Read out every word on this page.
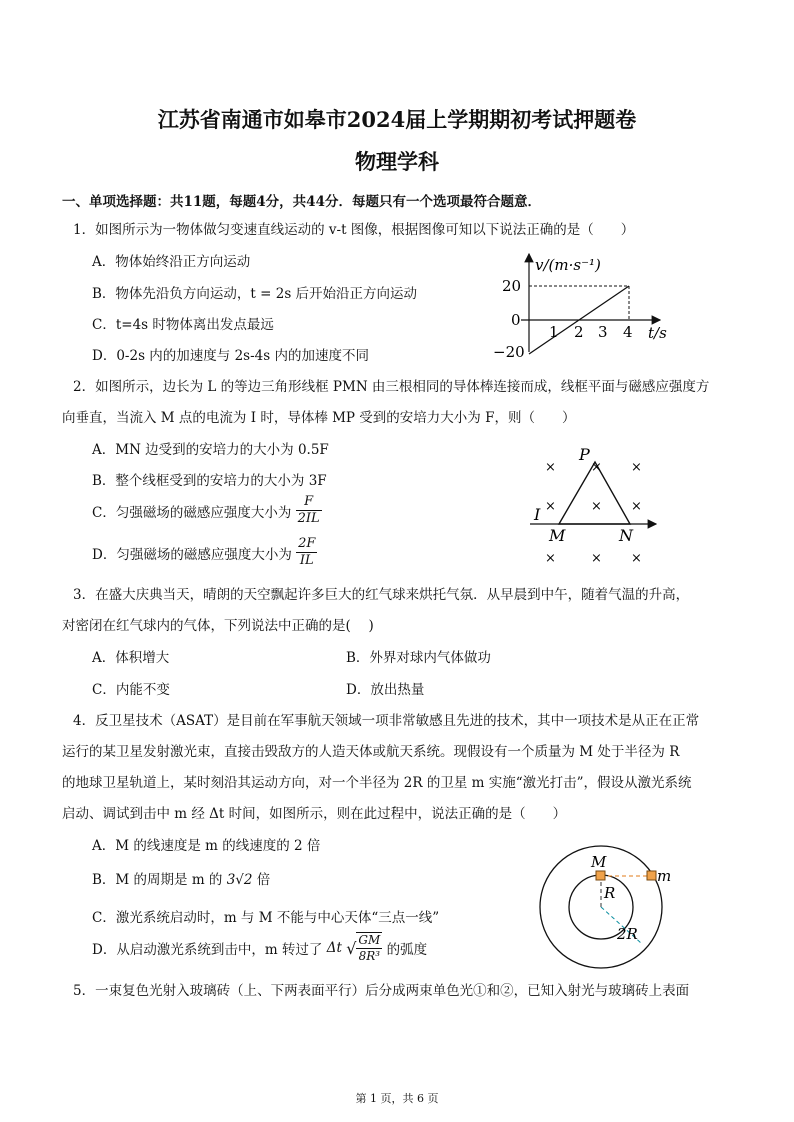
江苏省南通市如皋市2024届上学期期初考试押题卷
物理学科
一、单项选择题：共11题，每题4分，共44分．每题只有一个选项最符合题意．
1．如图所示为一物体做匀变速直线运动的 v-t 图像，根据图像可知以下说法正确的是（　　）
A．物体始终沿正方向运动
B．物体先沿负方向运动，t = 2s 后开始沿正方向运动
C．t=4s 时物体离出发点最远
D．0-2s 内的加速度与 2s-4s 内的加速度不同
v/(m·s⁻¹)
20
0
−20
1 2 3 4 t/s
2．如图所示，边长为 L 的等边三角形线框 PMN 由三根相同的导体棒连接而成，线框平面与磁感应强度方
向垂直，当流入 M 点的电流为 I 时，导体棒 MP 受到的安培力大小为 F，则（　　）
A．MN 边受到的安培力的大小为 0.5F
B．整个线框受到的安培力的大小为 3F
C．匀强磁场的磁感应强度大小为 $\frac{F}{2IL}$
D．匀强磁场的磁感应强度大小为 $\frac{2F}{IL}$
P
M	N
I
×	× ×
×	× ×
×	× ×
3．在盛大庆典当天，晴朗的天空飘起许多巨大的红气球来烘托气氛．从早晨到中午，随着气温的升高，
对密闭在红气球内的气体，下列说法中正确的是(　 )
A．体积增大	B．外界对球内气体做功
C．内能不变	D．放出热量
4．反卫星技术（ASAT）是目前在军事航天领域一项非常敏感且先进的技术，其中一项技术是从正在正常
运行的某卫星发射激光束，直接击毁敌方的人造天体或航天系统。现假设有一个质量为 M 处于半径为 R
的地球卫星轨道上，某时刻沿其运动方向，对一个半径为 2R 的卫星 m 实施“激光打击”，假设从激光系统
启动、调试到击中 m 经 Δt 时间，如图所示，则在此过程中，说法正确的是（　　）
A．M 的线速度是 m 的线速度的 2 倍
B．M 的周期是 m 的 3√2 倍
C．激光系统启动时，m 与 M 不能与中心天体“三点一线”
D．从启动激光系统到击中，m 转过了 Δt √ $\frac{GM}{\text{8R³}}$ 的弧度
M
m
R
2R
5．一束复色光射入玻璃砖（上、下两表面平行）后分成两束单色光①和②，已知入射光与玻璃砖上表面
第 1 页，共 6 页
